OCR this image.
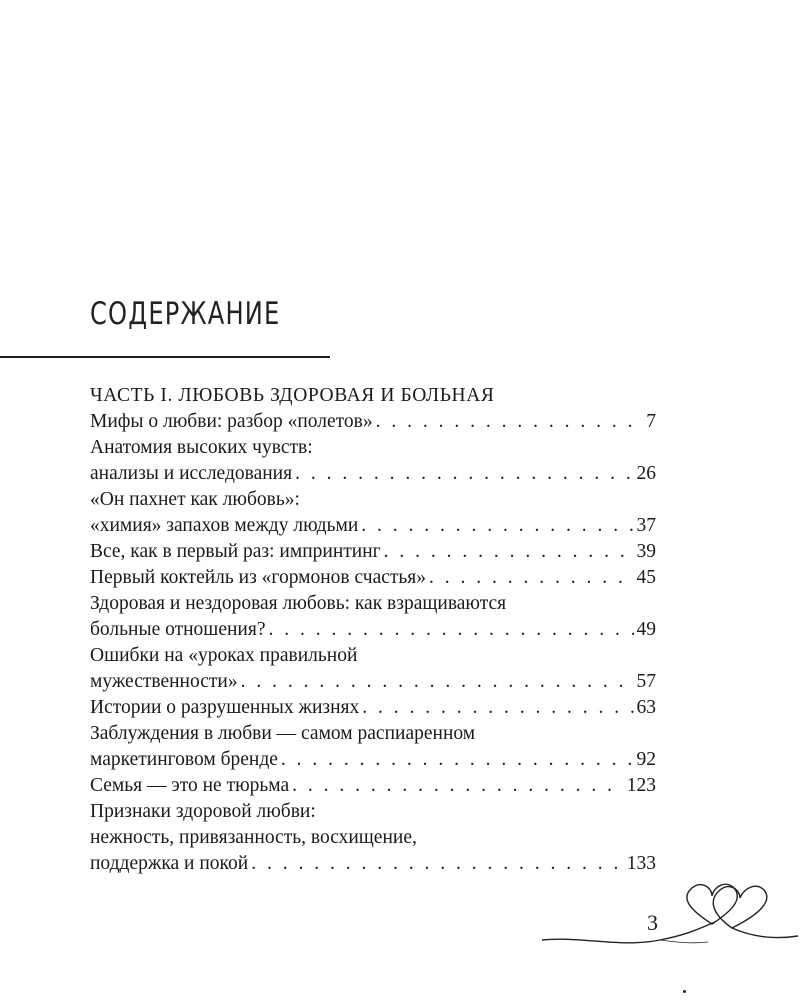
СОДЕРЖАНИЕ
ЧАСТЬ I. ЛЮБОВЬ ЗДОРОВАЯ И БОЛЬНАЯ
Мифы о любви: разбор «полетов» . . .	7
Анатомия высоких чувств:
анализы и исследования . . .	26
«Он пахнет как любовь»:
«химия» запахов между людьми . . .	37
Все, как в первый раз: импринтинг . . .	39
Первый коктейль из «гормонов счастья» . . .	45
Здоровая и нездоровая любовь: как взращиваются
больные отношения? . . .	49
Ошибки на «уроках правильной
мужественности» . . .	57
Истории о разрушенных жизнях . . .	63
Заблуждения в любви — самом распиаренном
маркетинговом бренде . . .	92
Семья — это не тюрьма . . .	123
Признаки здоровой любви:
нежность, привязанность, восхищение,
поддержка и покой . . .	133
3
